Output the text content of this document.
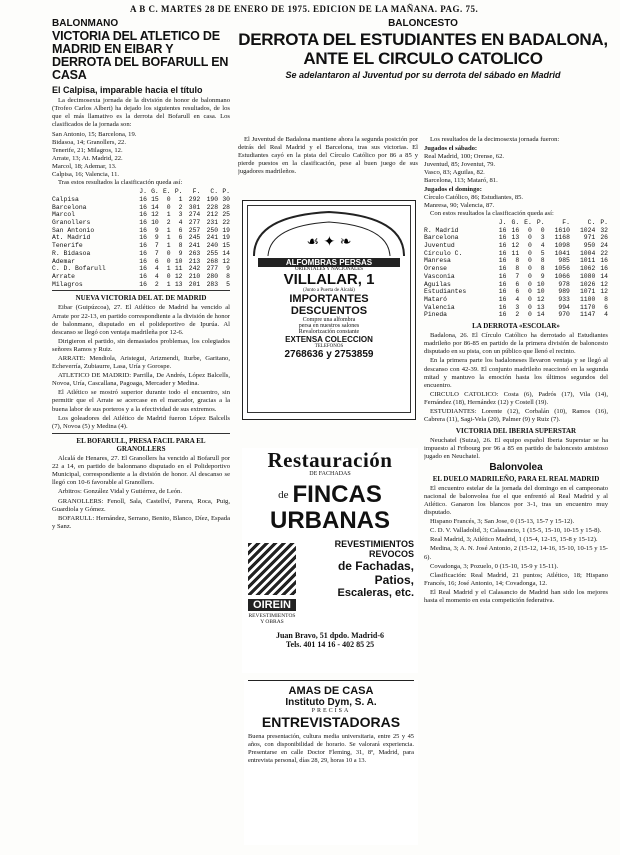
A B C. MARTES 28 DE ENERO DE 1975. EDICION DE LA MAÑANA. PAG. 75.
BALONMANO
VICTORIA DEL ATLETICO DE MADRID EN EIBAR Y DERROTA DEL BOFARULL EN CASA
El Calpisa, imparable hacia el título

La decimosexta jornada de la división de honor de balonmano (Trofeo Carlos Albert) ha dejado los siguientes resultados, de los que el más llamativo es la derrota del Bofarull en casa. Los clasificados de la jornada son:

San Antonio, 15; Barcelona, 19.
Bidasoa, 14; Granollers, 22.
Tenerife, 21; Milagros, 12.
Arrate, 13; At. Madrid, 22.
Marcol, 18; Ademar, 13.
Calpisa, 16; Valencia, 11.

Tras estos resultados la clasificación queda así:

	J.	G.	E.	P.	F.	C.	P.
Calpisa	16	15	0	1	292	190	30
Barcelona	16	14	0	2	301	228	28
Marcol	16	12	1	3	274	212	25
Granollers	16	10	2	4	277	231	22
San Antonio	16	9	1	6	257	250	19
At. Madrid	16	9	1	6	245	241	19
Tenerife	16	7	1	8	241	240	15
R. Bidasoa	16	7	0	9	263	255	14
Ademar	16	6	0	10	213	268	12
C. D. Bofarull	16	4	1	11	242	277	9
Arrate	16	4	0	12	210	280	8
Milagros	16	2	1	13	201	283	5
NUEVA VICTORIA DEL AT. DE MADRID

Eibar (Guipúzcoa), 27. El Atlético de Madrid ha vencido al Arrate por 22-13, en partido correspondiente a la división de honor de balonmano, disputado en el polideportivo de Ipurúa. Al descanso se llegó con ventaja madrileña por 12-6.

Dirigieron el partido, sin demasiados problemas, los colegiados señores Ramos y Ruiz.

ARRATE: Mendiola, Aristegui, Arizmendi, Iturbe, Garitano, Echeverría, Zubiaurre, Lasa, Uría y Gorospe.

ATLETICO DE MADRID: Parrilla, De Andrés, López Balcells, Novoa, Uría, Cascallana, Pagoaga, Mercader y Medina.

El Atlético se mostró superior durante todo el encuentro, sin permitir que el Arrate se acercase en el marcador, gracias a la buena labor de sus porteros y a la efectividad de sus extremos.

Los goleadores del Atlético de Madrid fueron López Balcells (7), Novoa (5) y Medina (4).

EL BOFARULL, PRESA FACIL PARA EL GRANOLLERS

Alcalá de Henares, 27. El Granollers ha vencido al Bofarull por 22 a 14, en partido de balonmano disputado en el Polideportivo Municipal, correspondiente a la división de honor. Al descanso se llegó con 10-6 favorable al Granollers.

Arbitros: González Vidal y Gutiérrez, de León.

GRANOLLERS: Fenoll, Sala, Castellví, Parera, Roca, Puig, Guardiola y Gómez.

BOFARULL: Hernández, Serrano, Benito, Blanco, Díez, Espada y Sanz.

BALONCESTO
DERROTA DEL ESTUDIANTES EN BADALONA, ANTE EL CIRCULO CATOLICO
Se adelantaron al Juventud por su derrota del sábado en Madrid

El Juventud de Badalona mantiene ahora la segunda posición por detrás del Real Madrid y el Barcelona, tras sus victorias. El Estudiantes cayó en la pista del Círculo Católico por 86 a 85 y pierde puestos en la clasificación, pese al buen juego de sus jugadores madrileños.

☙ ✦ ❧
ALFOMBRAS PERSAS
ORIENTALES Y NACIONALES
VILLALAR, 1
(Junto a Puerta de Alcalá)
IMPORTANTES
DESCUENTOS
Compre una alfombra
persa en nuestros salones
Revalorización constante
EXTENSA COLECCION
TELEFONOS
2768636 y 2753859
Restauración
DE FACHADAS
de FINCAS
URBANAS
OIREIN
REVESTIMIENTOS Y OBRAS
REVESTIMIENTOS
REVOCOS
de Fachadas,
Patios,
Escaleras, etc.
Juan Bravo, 51 dpdo. Madrid-6
Tels. 401 14 16 - 402 85 25
AMAS DE CASA
Instituto Dym, S. A.
PRECISA
ENTREVISTADORAS
Buena presentación, cultura media universitaria, entre 25 y 45 años, con disponibilidad de horario. Se valorará experiencia. Presentarse en calle Doctor Fleming, 31, 8º, Madrid, para entrevista personal, días 28, 29, horas 10 a 13.

Los resultados de la decimosexta jornada fueron:

Jugados el sábado:
Real Madrid, 100; Orense, 62.
Juventud, 85; Joventut, 79.
Vasco, 83; Aguilas, 82.
Barcelona, 113; Mataró, 81.
Jugados el domingo:
Círculo Católico, 86; Estudiantes, 85.
Manresa, 90; Valencia, 87.

Con estos resultados la clasificación queda así:

	J.	G.	E.	P.	F.	C.	P.
R. Madrid	16	16	0	0	1610	1024	32
Barcelona	16	13	0	3	1168	971	26
Juventud	16	12	0	4	1098	950	24
Círculo C.	16	11	0	5	1041	1004	22
Manresa	16	8	0	8	985	1011	16
Orense	16	8	0	8	1056	1062	16
Vasconia	16	7	0	9	1066	1080	14
Aguilas	16	6	0	10	978	1026	12
Estudiantes	16	6	0	10	989	1071	12
Mataró	16	4	0	12	933	1100	8
Valencia	16	3	0	13	994	1170	6
Pineda	16	2	0	14	970	1147	4
LA DERROTA «ESCOLAR»

Badalona, 26. El Círculo Católico ha derrotado al Estudiantes madrileño por 86-85 en partido de la primera división de baloncesto disputado en su pista, con un público que llenó el recinto.

En la primera parte los badaloneses llevaron ventaja y se llegó al descanso con 42-39. El conjunto madrileño reaccionó en la segunda mitad y mantuvo la emoción hasta los últimos segundos del encuentro.

CIRCULO CATOLICO: Costa (6), Padrós (17), Vila (14), Fernández (18), Hernández (12) y Costell (19).

ESTUDIANTES: Lorente (12), Corbalán (10), Ramos (16), Cabrera (11), Sagi-Vela (20), Palmer (9) y Ruiz (7).

VICTORIA DEL IBERIA SUPERSTAR

Neuchatel (Suiza), 26. El equipo español Iberia Superstar se ha impuesto al Fribourg por 96 a 85 en partido de baloncesto amistoso jugado en Neuchatel.

Balonvolea
EL DUELO MADRILEÑO, PARA EL REAL MADRID

El encuentro estelar de la jornada del domingo en el campeonato nacional de balonvolea fue el que enfrentó al Real Madrid y al Atlético. Ganaron los blancos por 3-1, tras un encuentro muy disputado.

Hispano Francés, 3; San Jose, 0 (15-13, 15-7 y 15-12).

C. D. V. Valladolid, 3; Calasancio, 1 (15-5, 15-10, 10-15 y 15-8).

Real Madrid, 3; Atlético Madrid, 1 (15-4, 12-15, 15-8 y 15-12).

Medina, 3; A. N. José Antonio, 2 (15-12, 14-16, 15-10, 10-15 y 15-6).

Covadonga, 3; Pozuelo, 0 (15-10, 15-9 y 15-11).

Clasificación: Real Madrid, 21 puntos; Atlético, 18; Hispano Francés, 16; José Antonio, 14; Covadonga, 12.

El Real Madrid y el Calasancio de Madrid han sido los mejores hasta el momento en esta competición federativa.
